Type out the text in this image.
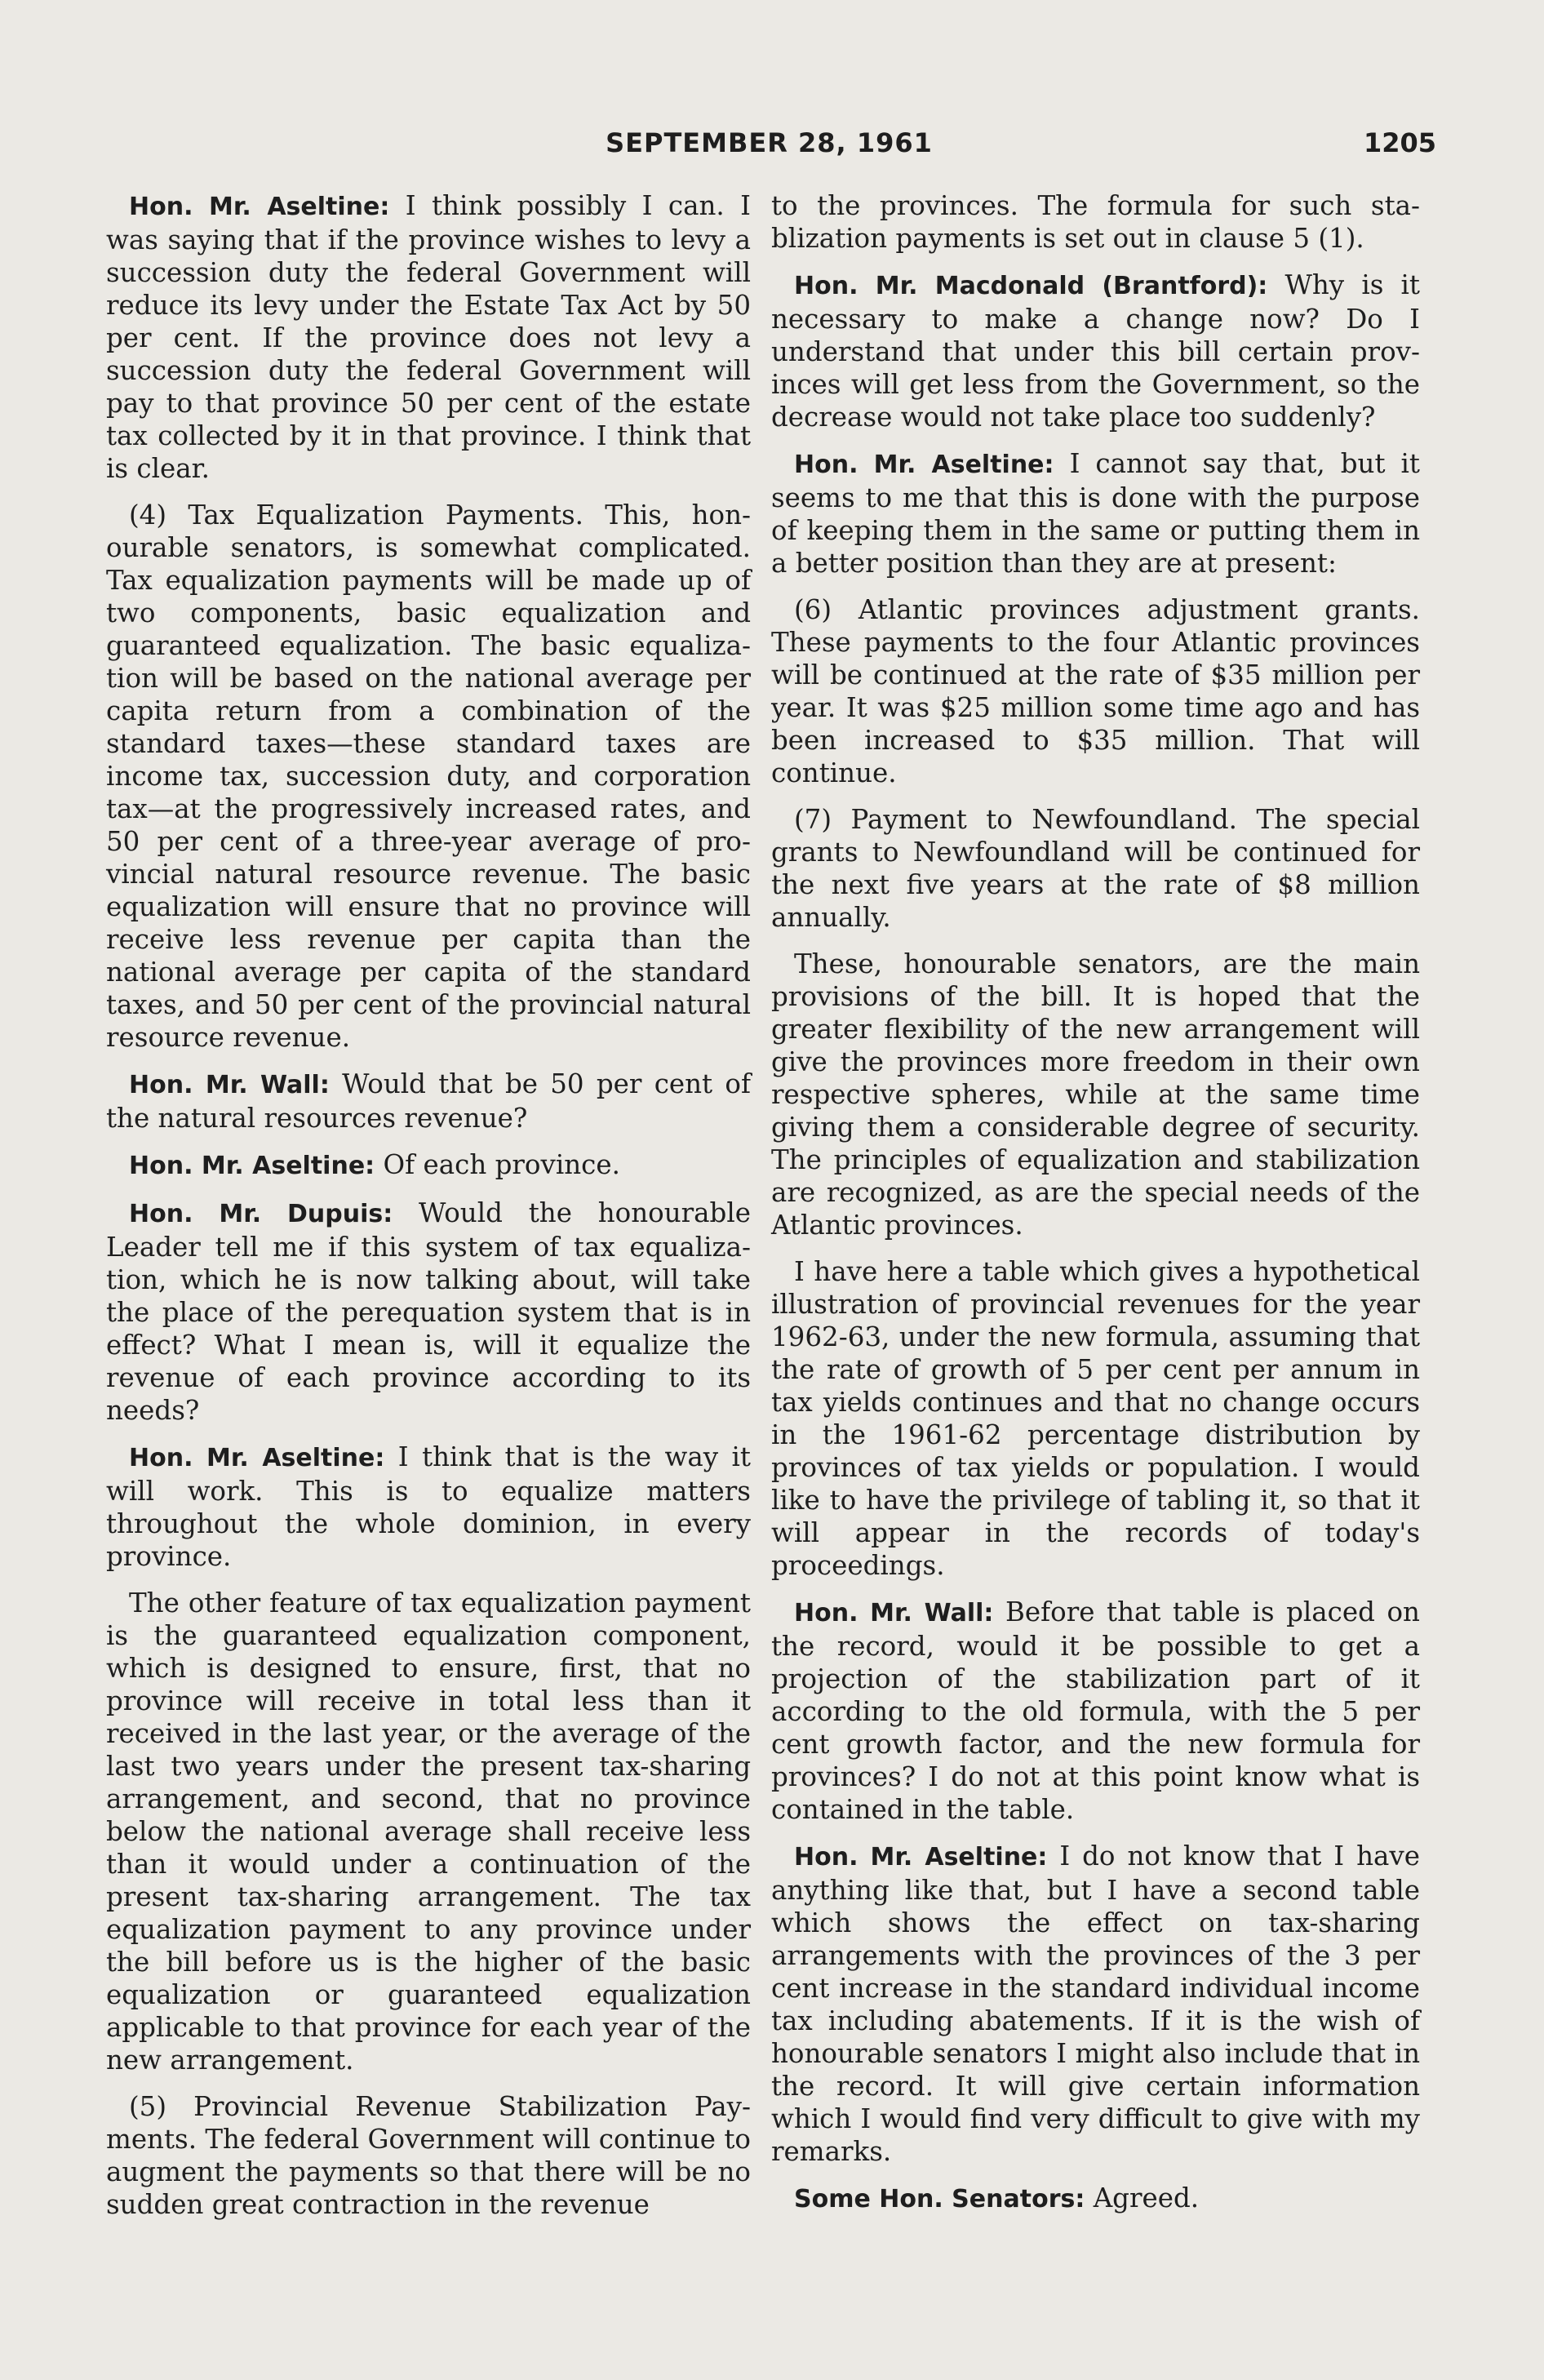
SEPTEMBER 28, 1961	1205

Hon. Mr. Aseltine: I think possibly I can. I was saying that if the province wishes to levy a succession duty the federal Government will reduce its levy under the Estate Tax Act by 50 per cent. If the province does not levy a succession duty the federal Government will pay to that province 50 per cent of the estate tax collected by it in that province. I think that is clear.

(4) Tax Equalization Payments. This, honourable senators, is somewhat complicated. Tax equalization payments will be made up of two components, basic equalization and guaranteed equalization. The basic equalization will be based on the national average per capita return from a combination of the standard taxes—these standard taxes are income tax, succession duty, and corporation tax—at the progressively increased rates, and 50 per cent of a three-year average of provincial natural resource revenue. The basic equalization will ensure that no province will receive less revenue per capita than the national average per capita of the standard taxes, and 50 per cent of the provincial natural resource revenue.

Hon. Mr. Wall: Would that be 50 per cent of the natural resources revenue?

Hon. Mr. Aseltine: Of each province.

Hon. Mr. Dupuis: Would the honourable Leader tell me if this system of tax equalization, which he is now talking about, will take the place of the perequation system that is in effect? What I mean is, will it equalize the revenue of each province according to its needs?

Hon. Mr. Aseltine: I think that is the way it will work. This is to equalize matters throughout the whole dominion, in every province.

The other feature of tax equalization payment is the guaranteed equalization component, which is designed to ensure, first, that no province will receive in total less than it received in the last year, or the average of the last two years under the present tax-sharing arrangement, and second, that no province below the national average shall receive less than it would under a continuation of the present tax-sharing arrangement. The tax equalization payment to any province under the bill before us is the higher of the basic equalization or guaranteed equalization applicable to that province for each year of the new arrangement.

(5) Provincial Revenue Stabilization Payments. The federal Government will continue to augment the payments so that there will be no sudden great contraction in the revenue

to the provinces. The formula for such stablization payments is set out in clause 5 (1).

Hon. Mr. Macdonald (Brantford): Why is it necessary to make a change now? Do I understand that under this bill certain provinces will get less from the Government, so the decrease would not take place too suddenly?

Hon. Mr. Aseltine: I cannot say that, but it seems to me that this is done with the purpose of keeping them in the same or putting them in a better position than they are at present:

(6) Atlantic provinces adjustment grants. These payments to the four Atlantic provinces will be continued at the rate of $35 million per year. It was $25 million some time ago and has been increased to $35 million. That will continue.

(7) Payment to Newfoundland. The special grants to Newfoundland will be continued for the next five years at the rate of $8 million annually.

These, honourable senators, are the main provisions of the bill. It is hoped that the greater flexibility of the new arrangement will give the provinces more freedom in their own respective spheres, while at the same time giving them a considerable degree of security. The principles of equalization and stabilization are recognized, as are the special needs of the Atlantic provinces.

I have here a table which gives a hypothetical illustration of provincial revenues for the year 1962-63, under the new formula, assuming that the rate of growth of 5 per cent per annum in tax yields continues and that no change occurs in the 1961-62 percentage distribution by provinces of tax yields or population. I would like to have the privilege of tabling it, so that it will appear in the records of today's proceedings.

Hon. Mr. Wall: Before that table is placed on the record, would it be possible to get a projection of the stabilization part of it according to the old formula, with the 5 per cent growth factor, and the new formula for provinces? I do not at this point know what is contained in the table.

Hon. Mr. Aseltine: I do not know that I have anything like that, but I have a second table which shows the effect on tax-sharing arrangements with the provinces of the 3 per cent increase in the standard individual income tax including abatements. If it is the wish of honourable senators I might also include that in the record. It will give certain information which I would find very difficult to give with my remarks.

Some Hon. Senators: Agreed.
